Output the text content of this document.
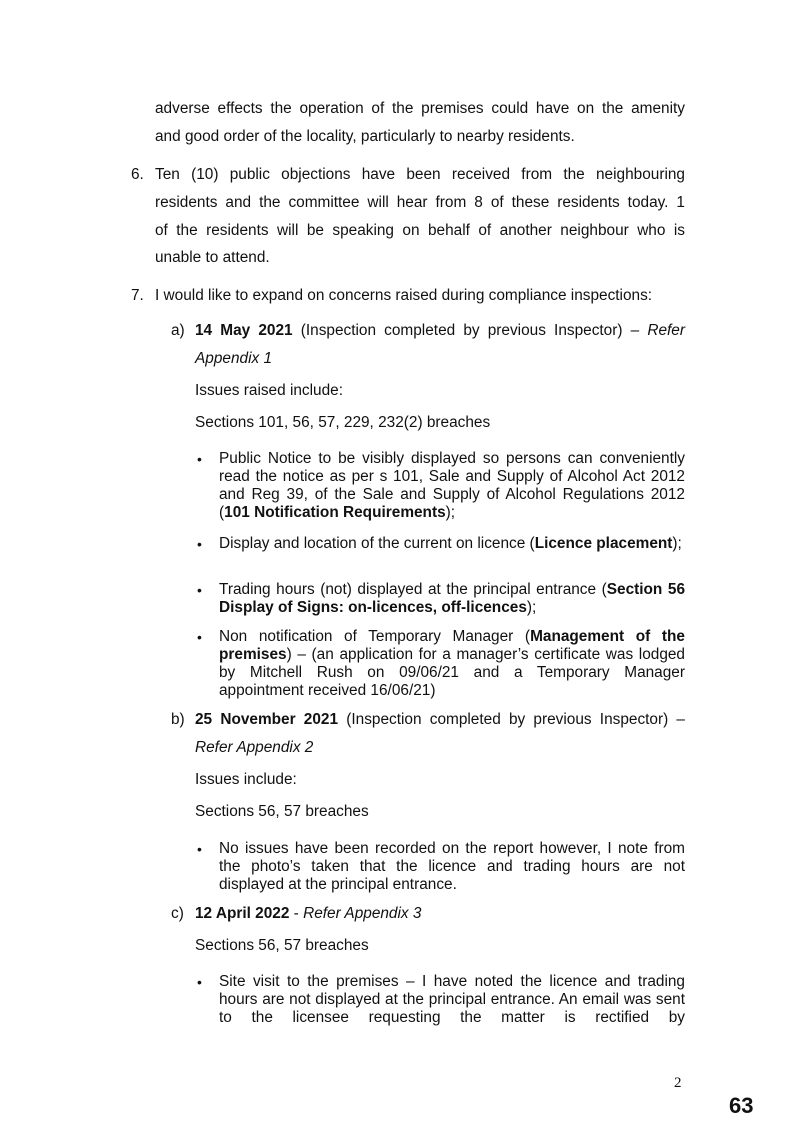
adverse effects the operation of the premises could have on the amenity

and good order of the locality, particularly to nearby residents.

6. Ten (10) public objections have been received from the neighbouring

residents and the committee will hear from 8 of these residents today. 1

of the residents will be speaking on behalf of another neighbour who is

unable to attend.

7. I would like to expand on concerns raised during compliance inspections:

a) 14 May 2021 (Inspection completed by previous Inspector) – Refer

Appendix 1

Issues raised include:

Sections 101, 56, 57, 229, 232(2) breaches

• Public Notice to be visibly displayed so persons can conveniently read the notice as per s 101, Sale and Supply of Alcohol Act 2012 and Reg 39, of the Sale and Supply of Alcohol Regulations 2012 (101 Notification Requirements);

• Display and location of the current on licence (Licence placement);

• Trading hours (not) displayed at the principal entrance (Section 56 Display of Signs: on-licences, off-licences);

• Non notification of Temporary Manager (Management of the premises) – (an application for a manager’s certificate was lodged by Mitchell Rush on 09/06/21 and a Temporary Manager appointment received 16/06/21)

b) 25 November 2021 (Inspection completed by previous Inspector) –

Refer Appendix 2

Issues include:

Sections 56, 57 breaches

• No issues have been recorded on the report however, I note from the photo’s taken that the licence and trading hours are not displayed at the principal entrance.

c) 12 April 2022 - Refer Appendix 3

Sections 56, 57 breaches

• Site visit to the premises – I have noted the licence and trading hours are not displayed at the principal entrance. An email was sent to the licensee requesting the matter is rectified by

2
63
